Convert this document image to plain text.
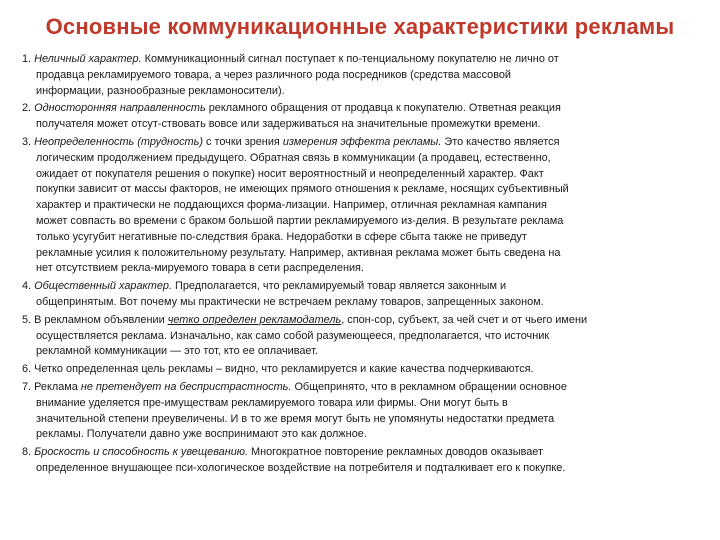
Основные коммуникационные характеристики рекламы
1. Неличный характер. Коммуникационный сигнал поступает к по-тенциальному покупателю не лично от
продавца рекламируемого товара, а через различного рода посредников (средства массовой
информации, разнообразные рекламоносители).
2. Односторонняя направленность рекламного обращения от продавца к покупателю. Ответная реакция
получателя может отсут-ствовать вовсе или задерживаться на значительные промежутки времени.
3. Неопределенность (трудность) с точки зрения измерения эффекта рекламы. Это качество является
логическим продолжением предыдущего. Обратная связь в коммуникации (а продавец, естественно,
ожидает от покупателя решения о покупке) носит вероятностный и неопределенный характер. Факт
покупки зависит от массы факторов, не имеющих прямого отношения к рекламе, носящих субъективный
характер и практически не поддающихся форма-лизации. Например, отличная рекламная кампания
может совпасть во времени с браком большой партии рекламируемого из-делия. В результате реклама
только усугубит негативные по-следствия брака. Недоработки в сфере сбыта также не приведут
рекламные усилия к положительному результату. Например, активная реклама может быть сведена на
нет отсутствием рекла-мируемого товара в сети распределения.
4. Общественный характер. Предполагается, что рекламируемый товар является законным и
общепринятым. Вот почему мы практически не встречаем рекламу товаров, запрещенных законом.
5. В рекламном объявлении четко определен рекламодатель, спон-сор, субъект, за чей счет и от чьего имени
осуществляется реклама. Изначально, как само собой разумеющееся, предполагается, что источник
рекламной коммуникации — это тот, кто ее оплачивает.
6. Четко определенная цель рекламы – видно, что рекламируется и какие качества подчеркиваются.
7. Реклама не претендует на беспристрастность. Общепринято, что в рекламном обращении основное
внимание уделяется пре-имуществам рекламируемого товара или фирмы. Они могут быть в
значительной степени преувеличены. И в то же время могут быть не упомянуты недостатки предмета
рекламы. Получатели давно уже воспринимают это как должное.
8. Броскость и способность к увещеванию. Многократное повторение рекламных доводов оказывает
определенное внушающее пси-хологическое воздействие на потребителя и подталкивает его к покупке.
